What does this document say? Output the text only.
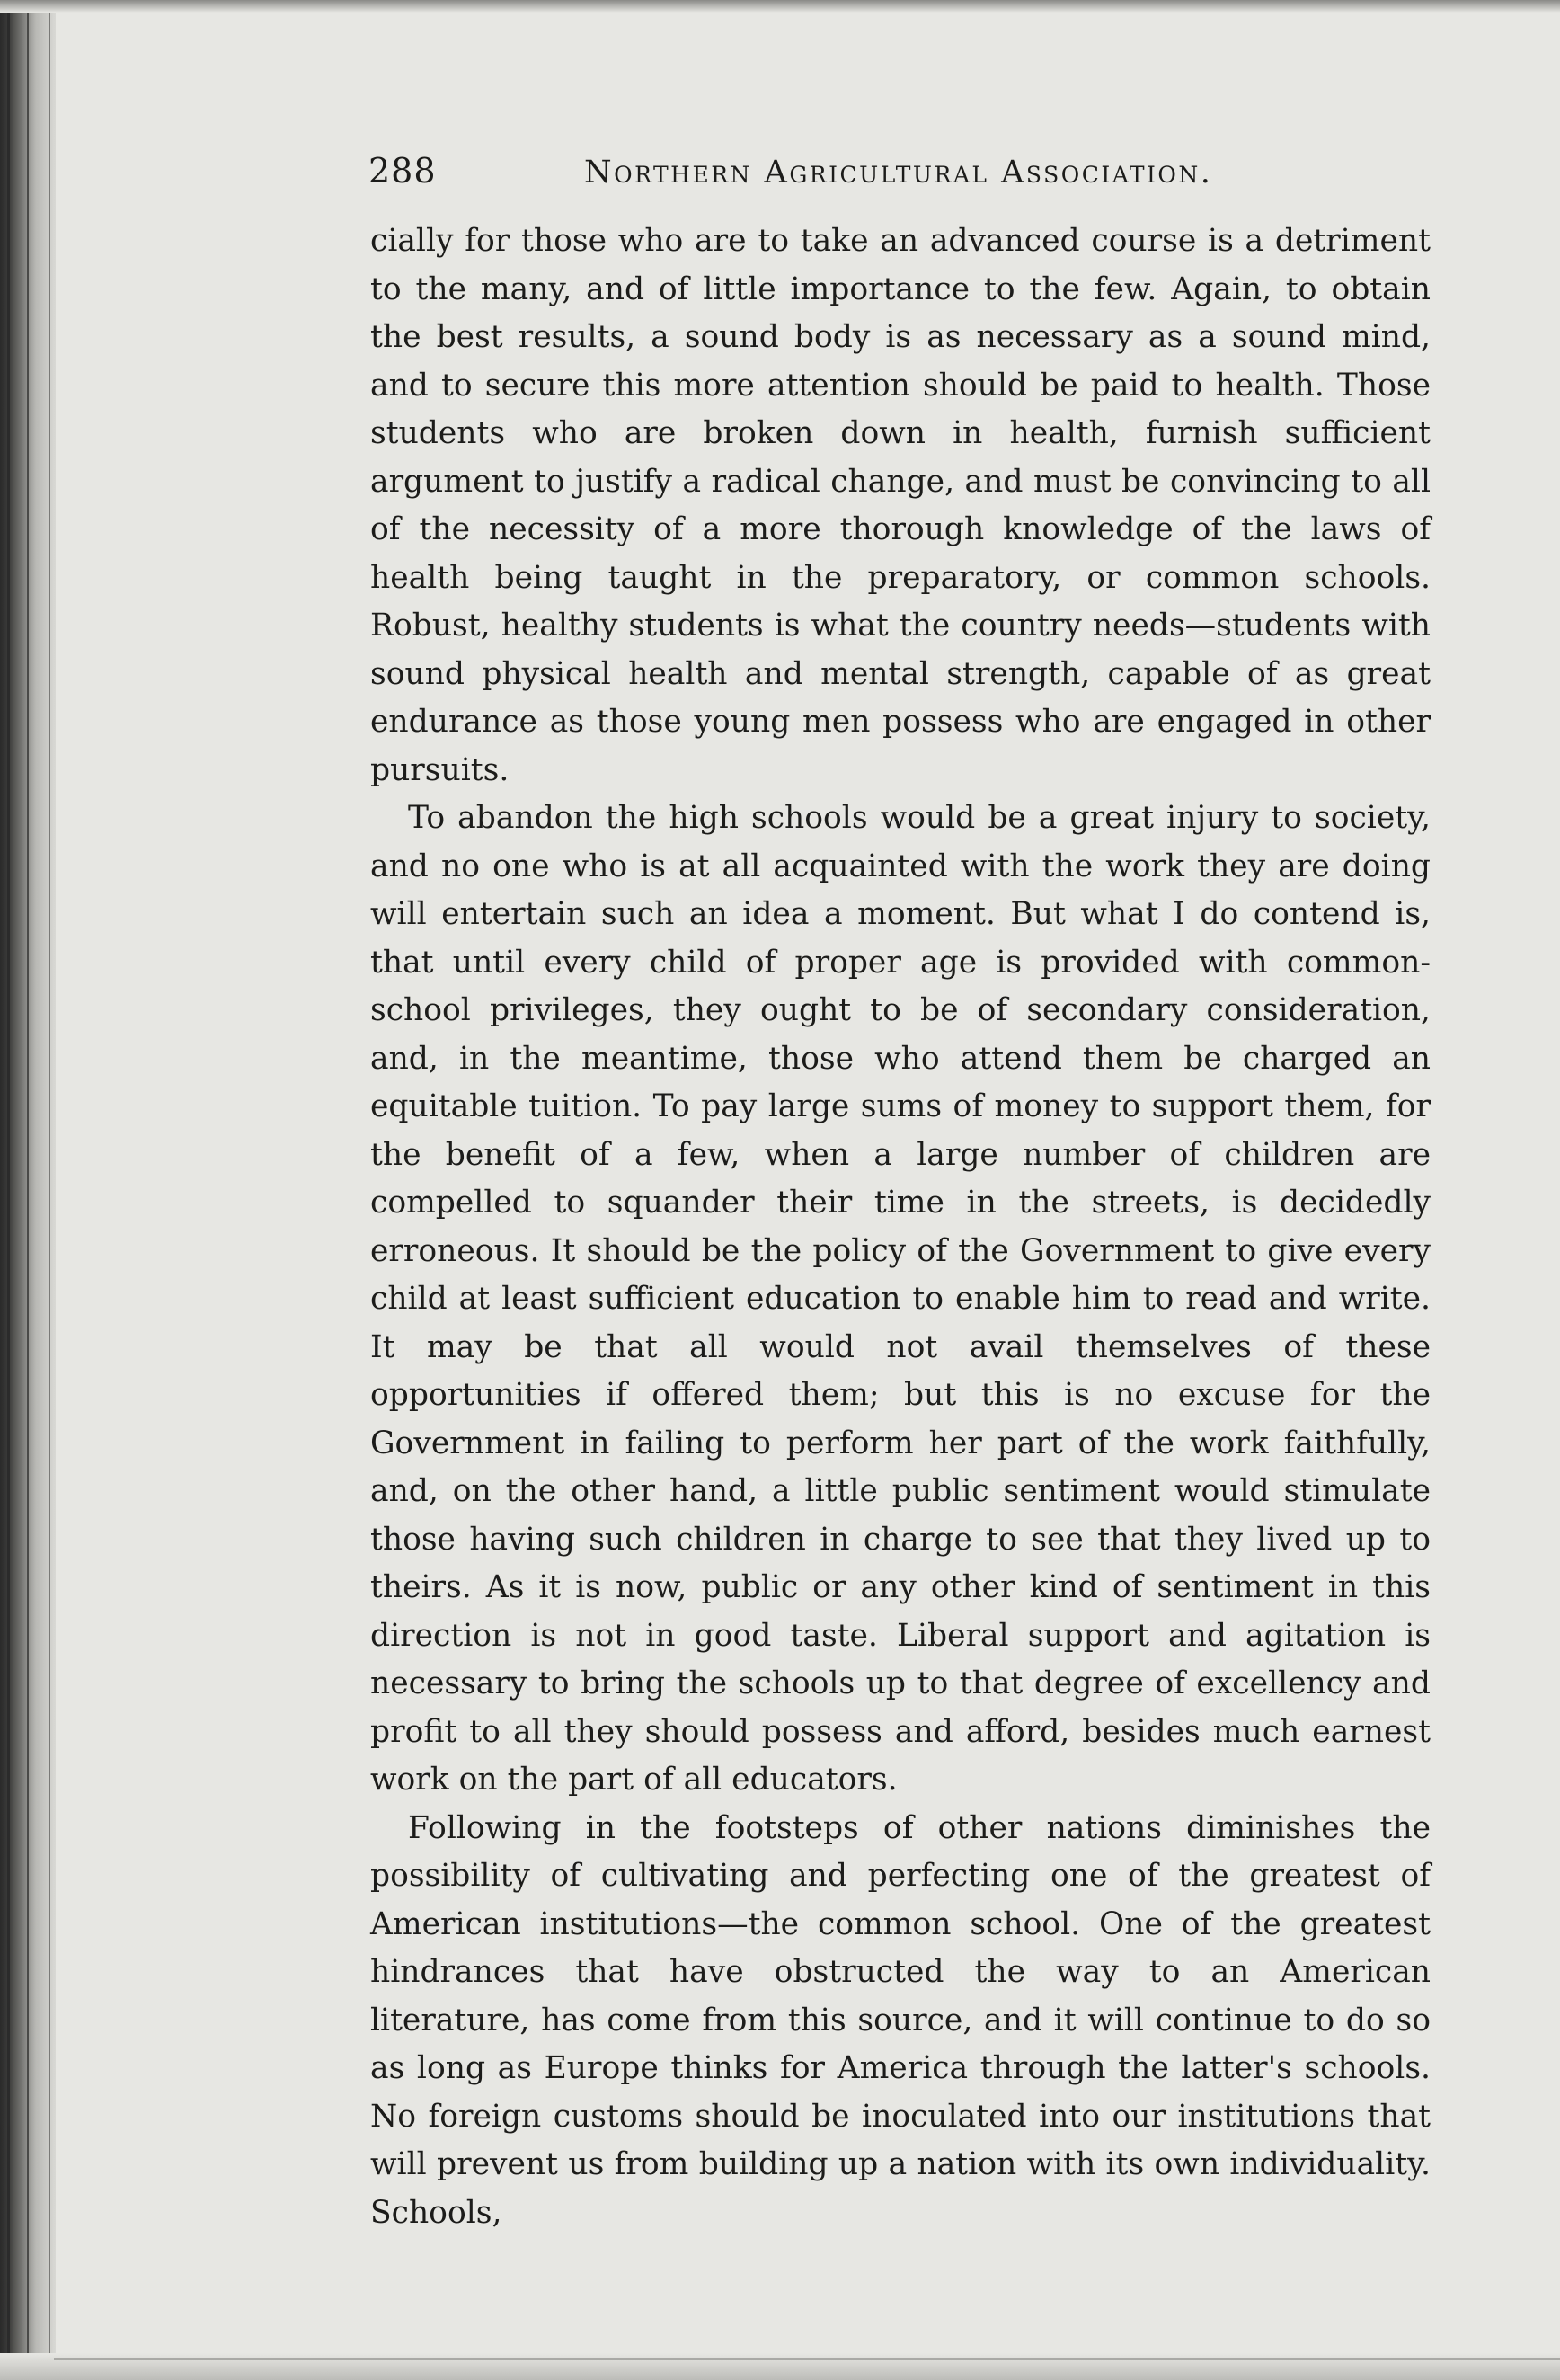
288	Northern Agricultural Association.

cially for those who are to take an advanced course is a detriment to the many, and of little importance to the few. Again, to obtain the best results, a sound body is as necessary as a sound mind, and to secure this more attention should be paid to health. Those students who are broken down in health, furnish sufficient argument to justify a radical change, and must be convincing to all of the necessity of a more thorough knowledge of the laws of health being taught in the preparatory, or common schools. Robust, healthy students is what the country needs—students with sound physical health and mental strength, capable of as great endurance as those young men possess who are engaged in other pursuits.

To abandon the high schools would be a great injury to society, and no one who is at all acquainted with the work they are doing will entertain such an idea a moment. But what I do contend is, that until every child of proper age is provided with common-school privileges, they ought to be of secondary consideration, and, in the meantime, those who attend them be charged an equitable tuition. To pay large sums of money to support them, for the benefit of a few, when a large number of children are compelled to squander their time in the streets, is decidedly erroneous. It should be the policy of the Government to give every child at least sufficient education to enable him to read and write. It may be that all would not avail themselves of these opportunities if offered them; but this is no excuse for the Government in failing to perform her part of the work faithfully, and, on the other hand, a little public sentiment would stimulate those having such children in charge to see that they lived up to theirs. As it is now, public or any other kind of sentiment in this direction is not in good taste. Liberal support and agitation is necessary to bring the schools up to that degree of excellency and profit to all they should possess and afford, besides much earnest work on the part of all educators.

Following in the footsteps of other nations diminishes the possibility of cultivating and perfecting one of the greatest of American institutions—the common school. One of the greatest hindrances that have obstructed the way to an American literature, has come from this source, and it will continue to do so as long as Europe thinks for America through the latter's schools. No foreign customs should be inoculated into our institutions that will prevent us from building up a nation with its own individuality. Schools,
